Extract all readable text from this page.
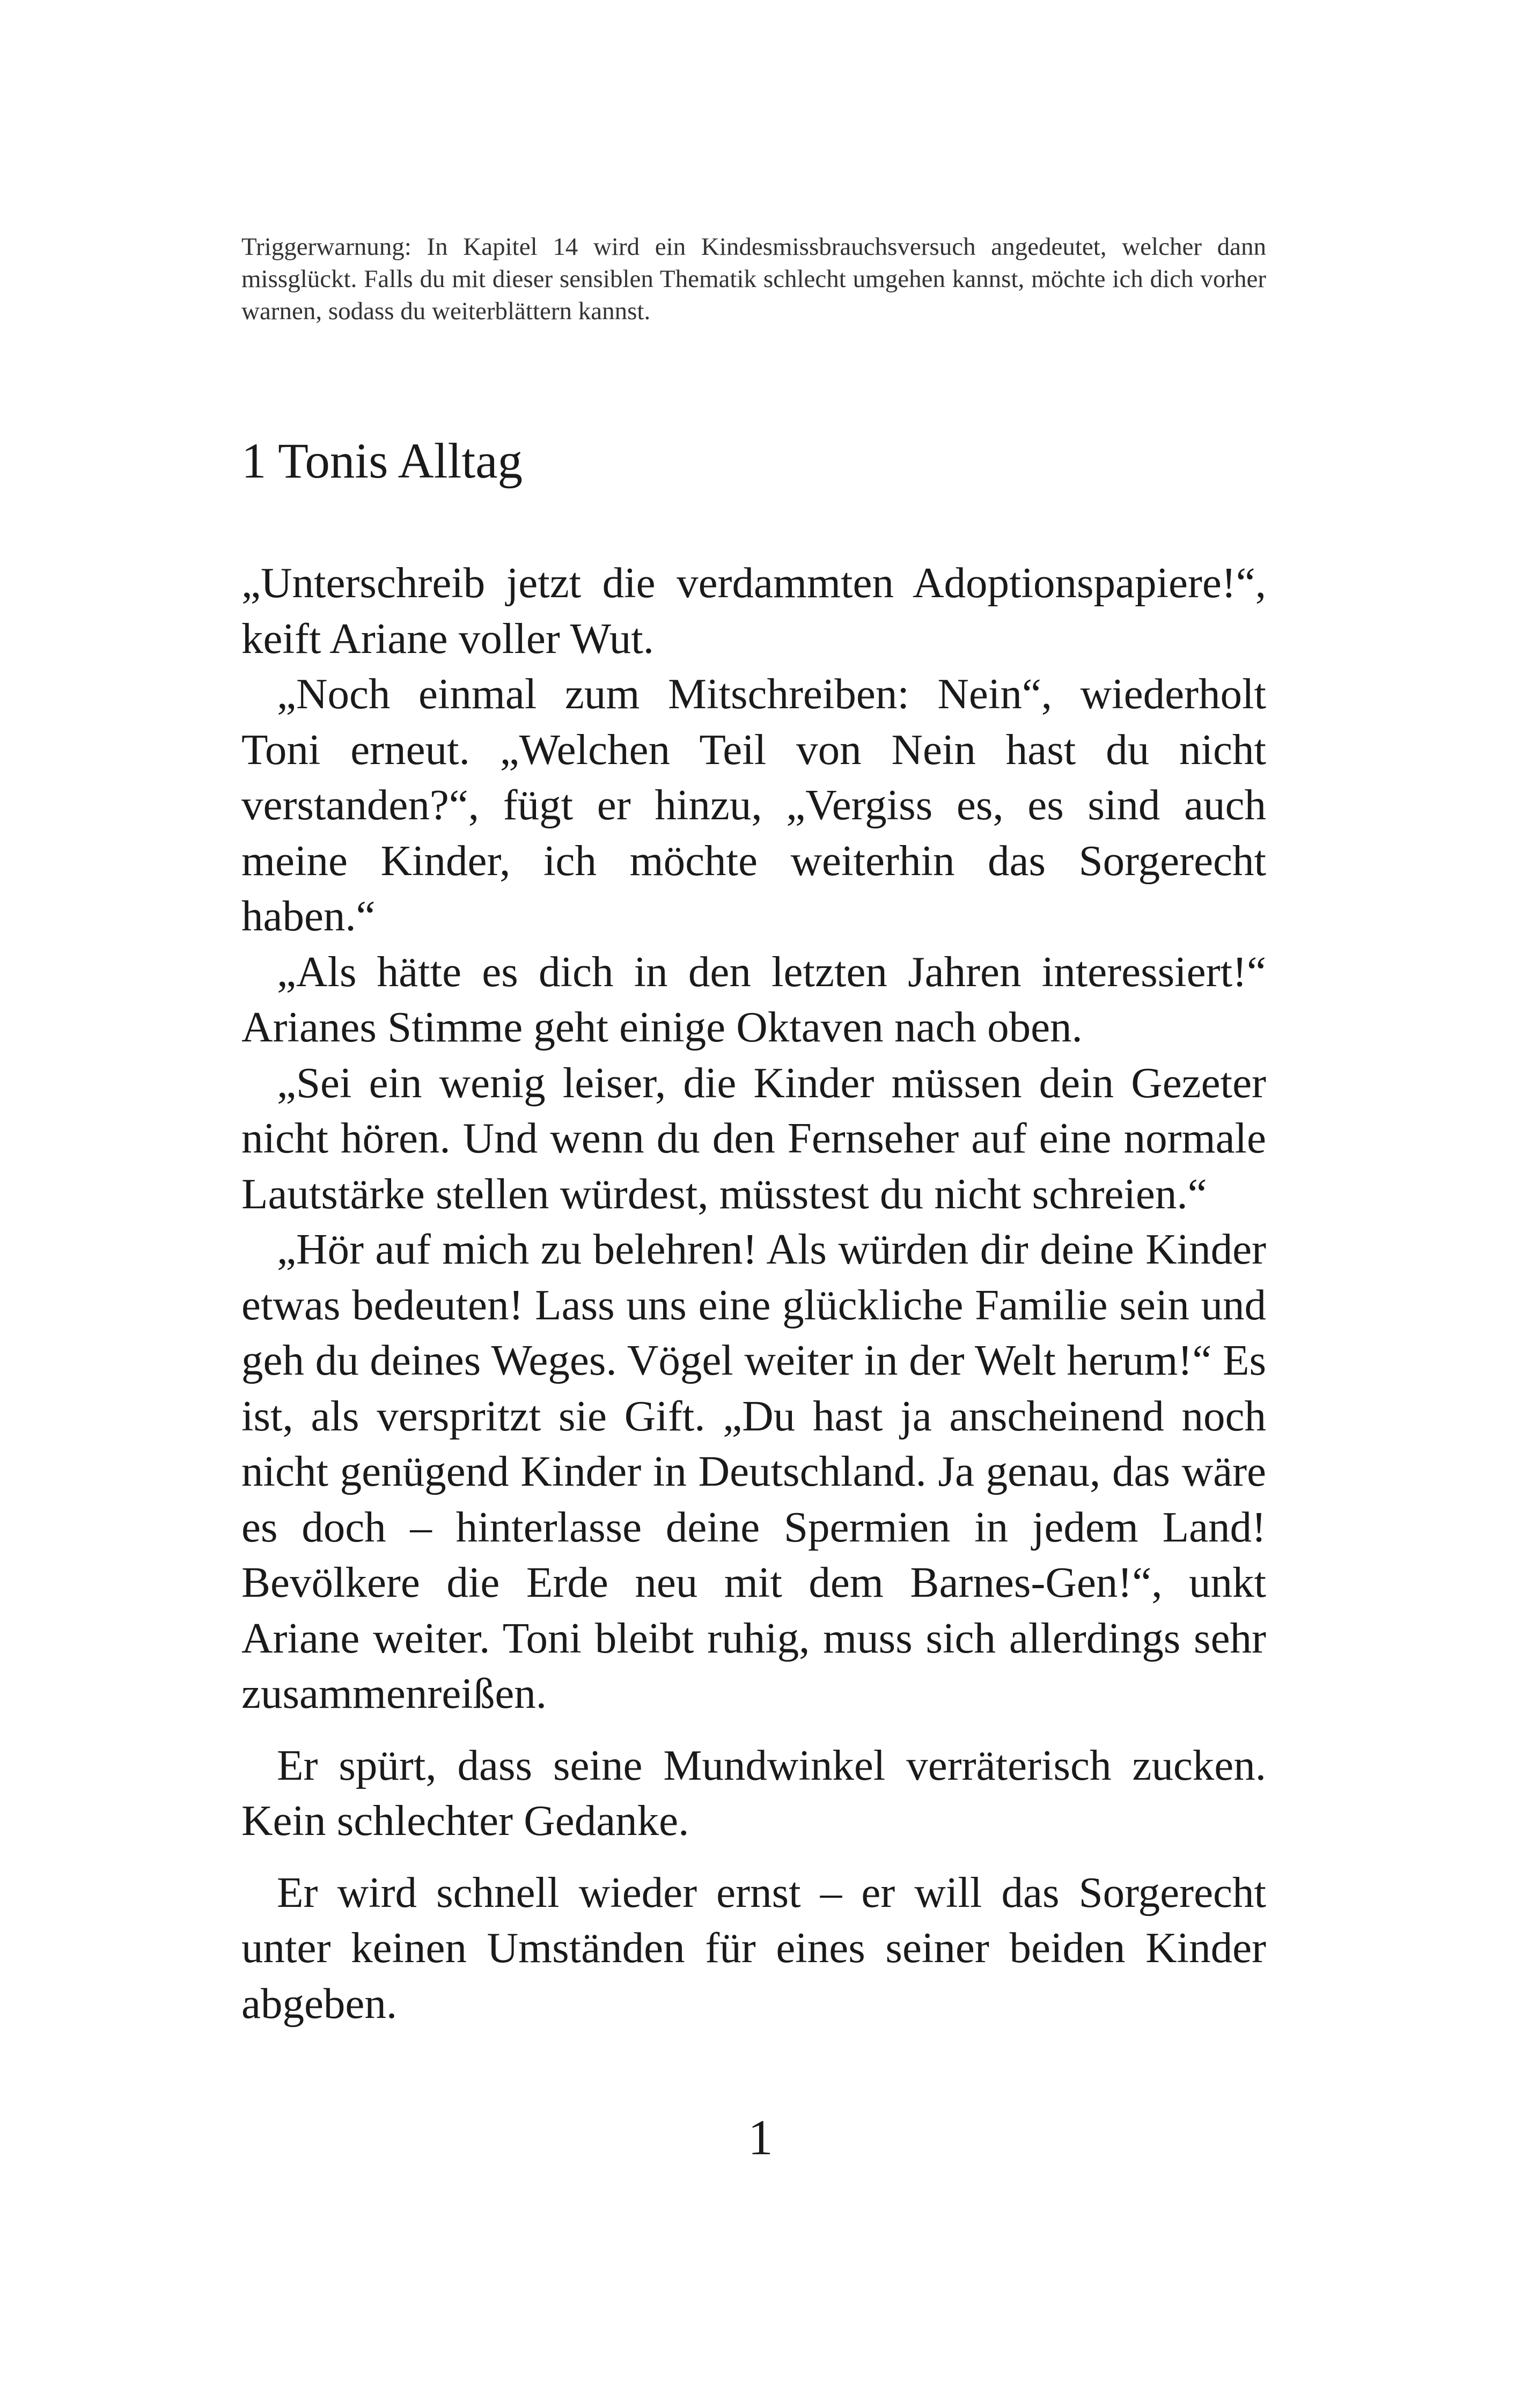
Triggerwarnung: In Kapitel 14 wird ein Kindesmissbrauchsversuch angedeutet, welcher dann missglückt. Falls du mit dieser sensiblen Thematik schlecht umgehen kannst, möchte ich dich vorher warnen, sodass du weiterblättern kannst.
1 Tonis Alltag

„Unterschreib jetzt die verdammten Adoptionspapiere!“, keift Ariane voller Wut.

„Noch einmal zum Mitschreiben: Nein“, wiederholt Toni erneut. „Welchen Teil von Nein hast du nicht verstanden?“, fügt er hinzu, „Vergiss es, es sind auch meine Kinder, ich möchte weiterhin das Sorgerecht haben.“

„Als hätte es dich in den letzten Jahren interessiert!“ Arianes Stimme geht einige Oktaven nach oben.

„Sei ein wenig leiser, die Kinder müssen dein Gezeter nicht hören. Und wenn du den Fernseher auf eine normale Lautstärke stellen würdest, müsstest du nicht schreien.“

„Hör auf mich zu belehren! Als würden dir deine Kinder etwas bedeuten! Lass uns eine glückliche Familie sein und geh du deines Weges. Vögel weiter in der Welt herum!“ Es ist, als verspritzt sie Gift. „Du hast ja anscheinend noch nicht genügend Kinder in Deutschland. Ja genau, das wäre es doch – hinterlasse deine Spermien in jedem Land! Bevölkere die Erde neu mit dem Barnes-Gen!“, unkt Ariane weiter. Toni bleibt ruhig, muss sich allerdings sehr zusammenreißen.

Er spürt, dass seine Mundwinkel verräterisch zucken. Kein schlechter Gedanke.

Er wird schnell wieder ernst – er will das Sorgerecht unter keinen Umständen für eines seiner beiden Kinder abgeben.

1
